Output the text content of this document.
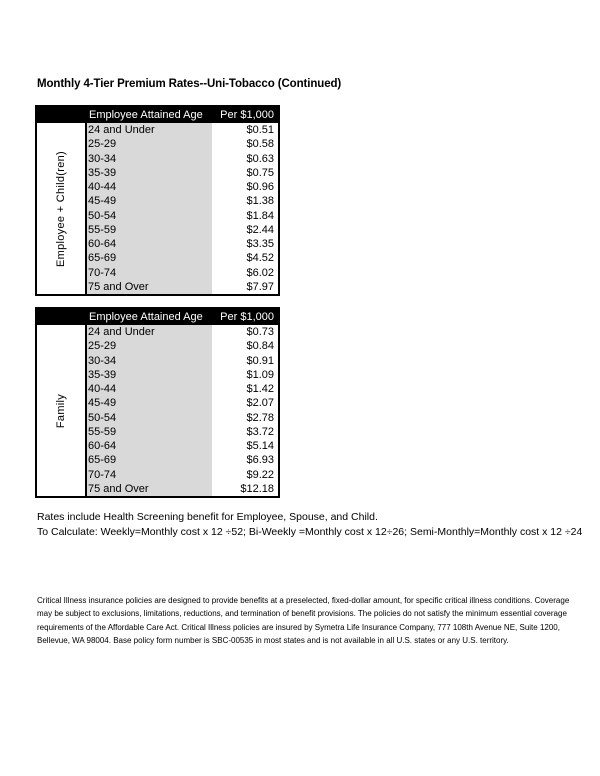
Monthly 4-Tier Premium Rates--Uni-Tobacco (Continued)
Employee Attained Age	Per $1,000
Employee + Child(ren)
24 and Under	$0.51
25-29	$0.58
30-34	$0.63
35-39	$0.75
40-44	$0.96
45-49	$1.38
50-54	$1.84
55-59	$2.44
60-64	$3.35
65-69	$4.52
70-74	$6.02
75 and Over	$7.97
Employee Attained Age	Per $1,000
Family
24 and Under	$0.73
25-29	$0.84
30-34	$0.91
35-39	$1.09
40-44	$1.42
45-49	$2.07
50-54	$2.78
55-59	$3.72
60-64	$5.14
65-69	$6.93
70-74	$9.22
75 and Over	$12.18
Rates include Health Screening benefit for Employee, Spouse, and Child.
To Calculate: Weekly=Monthly cost x 12 ÷52; Bi-Weekly =Monthly cost x 12÷26; Semi-Monthly=Monthly cost x 12 ÷24
Critical Illness insurance policies are designed to provide benefits at a preselected, fixed-dollar amount, for specific critical illness conditions. Coverage may be subject to exclusions, limitations, reductions, and termination of benefit provisions. The policies do not satisfy the minimum essential coverage requirements of the Affordable Care Act. Critical Illness policies are insured by Symetra Life Insurance Company, 777 108th Avenue NE, Suite 1200, Bellevue, WA 98004. Base policy form number is SBC-00535 in most states and is not available in all U.S. states or any U.S. territory.
